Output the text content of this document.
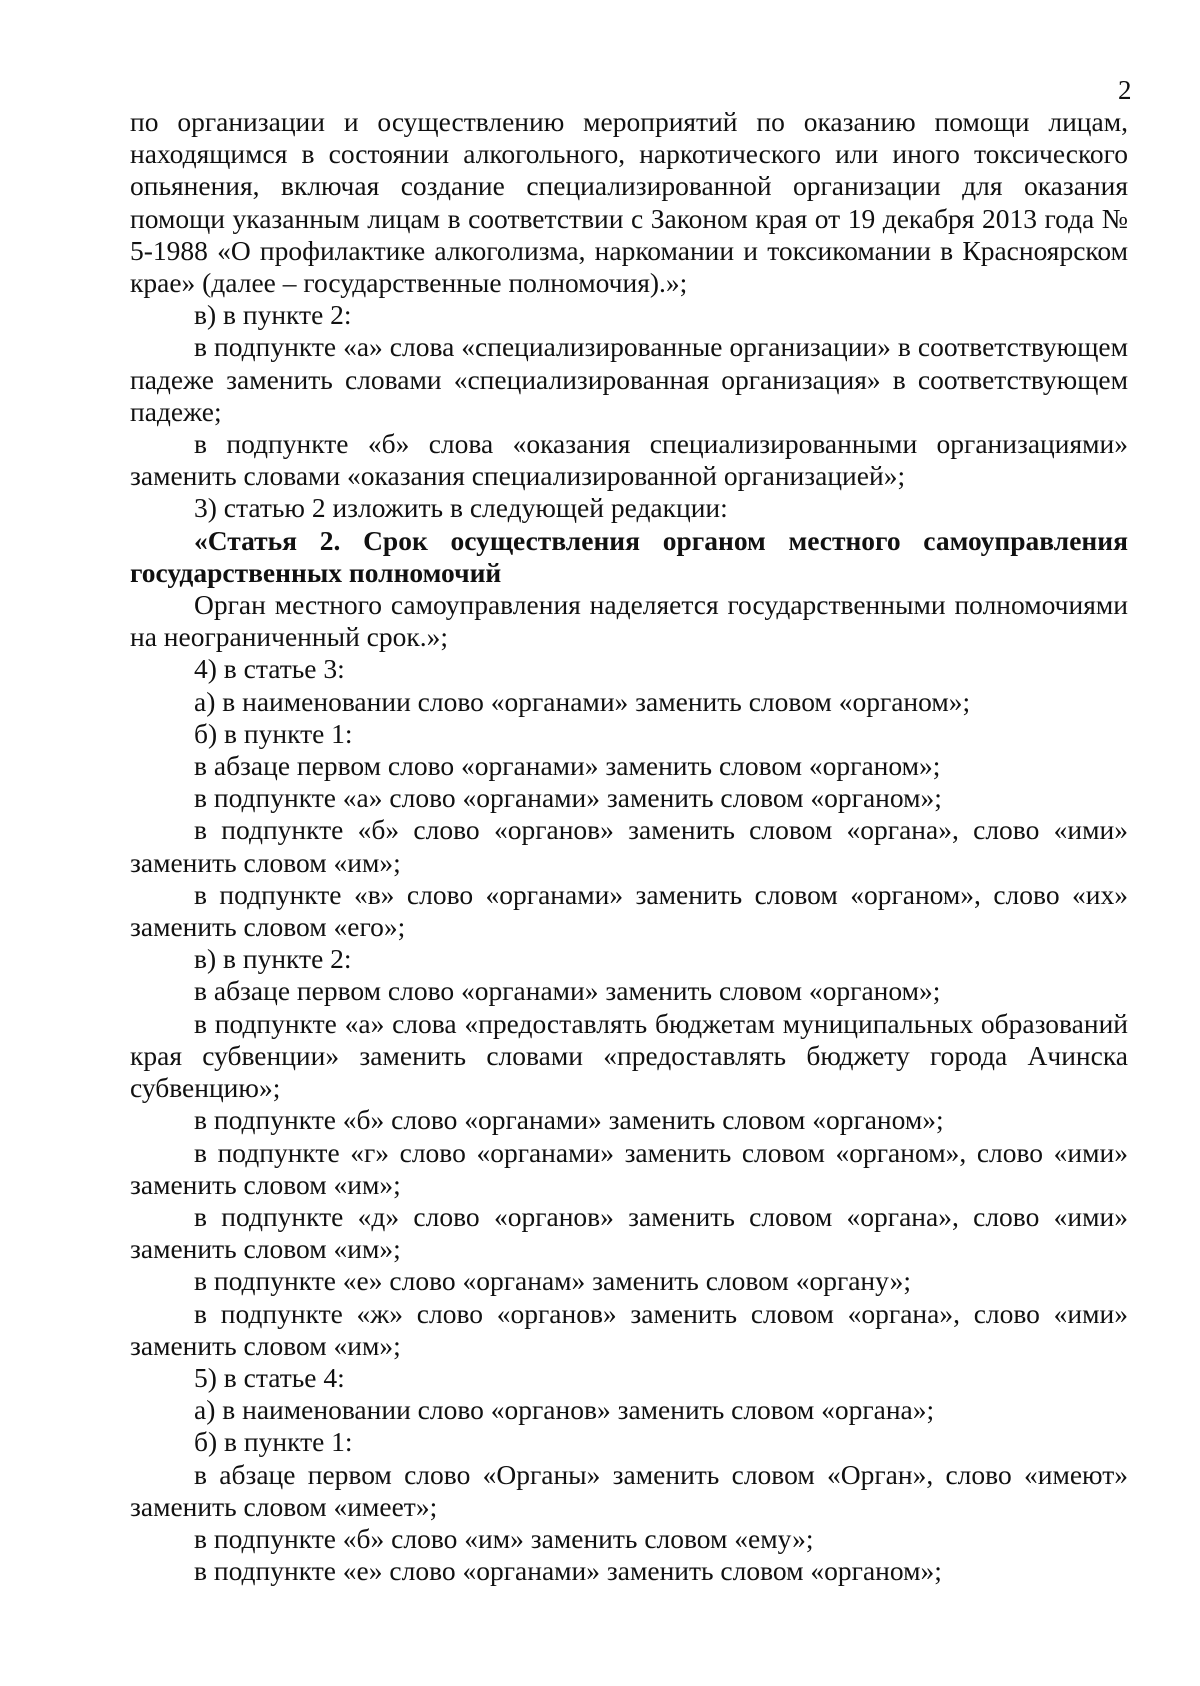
2

по организации и осуществлению мероприятий по оказанию помощи лицам, находящимся в состоянии алкогольного, наркотического или иного токсического опьянения, включая создание специализированной организации для оказания помощи указанным лицам в соответствии с Законом края от 19 декабря 2013 года № 5-1988 «О профилактике алкоголизма, наркомании и токсикомании в Красноярском крае» (далее – государственные полномочия).»;

в) в пункте 2:

в подпункте «а» слова «специализированные организации» в соответствующем падеже заменить словами «специализированная организация» в соответствующем падеже;

в подпункте «б» слова «оказания специализированными организациями» заменить словами «оказания специализированной организацией»;

3) статью 2 изложить в следующей редакции:

«Статья 2. Срок осуществления органом местного самоуправления государственных полномочий

Орган местного самоуправления наделяется государственными полномочиями на неограниченный срок.»;

4) в статье 3:

а) в наименовании слово «органами» заменить словом «органом»;

б) в пункте 1:

в абзаце первом слово «органами» заменить словом «органом»;

в подпункте «а» слово «органами» заменить словом «органом»;

в подпункте «б» слово «органов» заменить словом «органа», слово «ими» заменить словом «им»;

в подпункте «в» слово «органами» заменить словом «органом», слово «их» заменить словом «его»;

в) в пункте 2:

в абзаце первом слово «органами» заменить словом «органом»;

в подпункте «а» слова «предоставлять бюджетам муниципальных образований края субвенции» заменить словами «предоставлять бюджету города Ачинска субвенцию»;

в подпункте «б» слово «органами» заменить словом «органом»;

в подпункте «г» слово «органами» заменить словом «органом», слово «ими» заменить словом «им»;

в подпункте «д» слово «органов» заменить словом «органа», слово «ими» заменить словом «им»;

в подпункте «е» слово «органам» заменить словом «органу»;

в подпункте «ж» слово «органов» заменить словом «органа», слово «ими» заменить словом «им»;

5) в статье 4:

а) в наименовании слово «органов» заменить словом «органа»;

б) в пункте 1:

в абзаце первом слово «Органы» заменить словом «Орган», слово «имеют» заменить словом «имеет»;

в подпункте «б» слово «им» заменить словом «ему»;

в подпункте «е» слово «органами» заменить словом «органом»;
